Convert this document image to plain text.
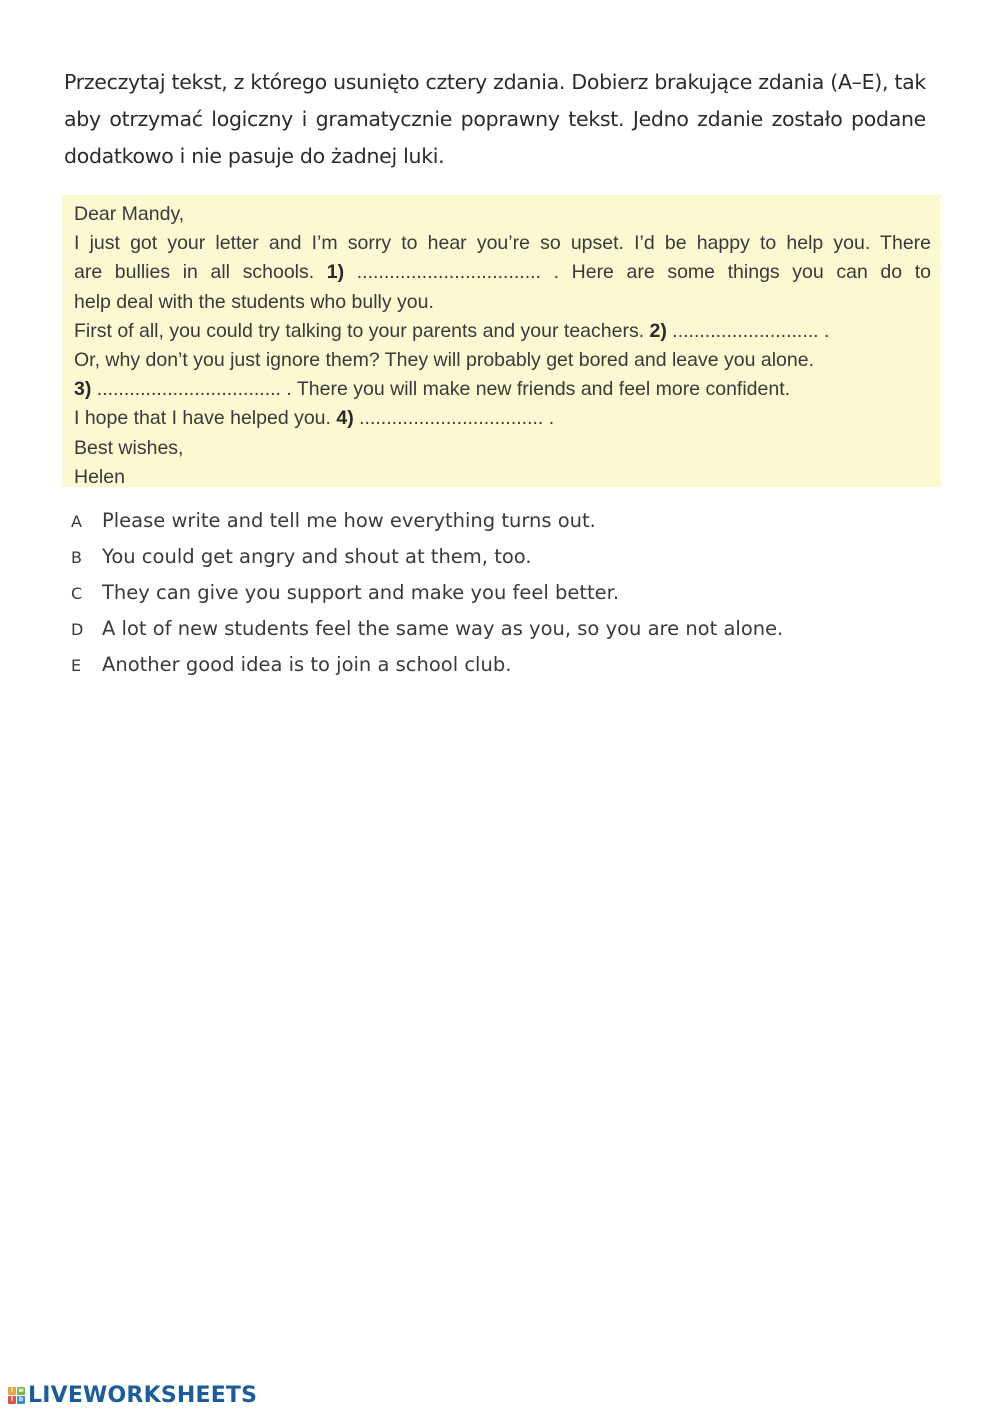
Przeczytaj tekst, z którego usunięto cztery zdania. Dobierz brakujące zdania (A–E), tak aby otrzymać logiczny i gramatycznie poprawny tekst. Jedno zdanie zostało podane dodatkowo i nie pasuje do żadnej luki.
Dear Mandy,
I just got your letter and I’m sorry to hear you’re so upset. I’d be happy to help you. There
are bullies in all schools. 1) .................................. . Here are some things you can do to
help deal with the students who bully you.
First of all, you could try talking to your parents and your teachers. 2) ........................... .
Or, why don’t you just ignore them? They will probably get bored and leave you alone.
3) .................................. . There you will make new friends and feel more confident.
I hope that I have helped you. 4) .................................. .
Best wishes,
Helen
A Please write and tell me how everything turns out.
B You could get angry and shout at them, too.
C They can give you support and make you feel better.
D A lot of new students feel the same way as you, so you are not alone.
E Another good idea is to join a school club.
l w
l b LIVEWORKSHEETS
